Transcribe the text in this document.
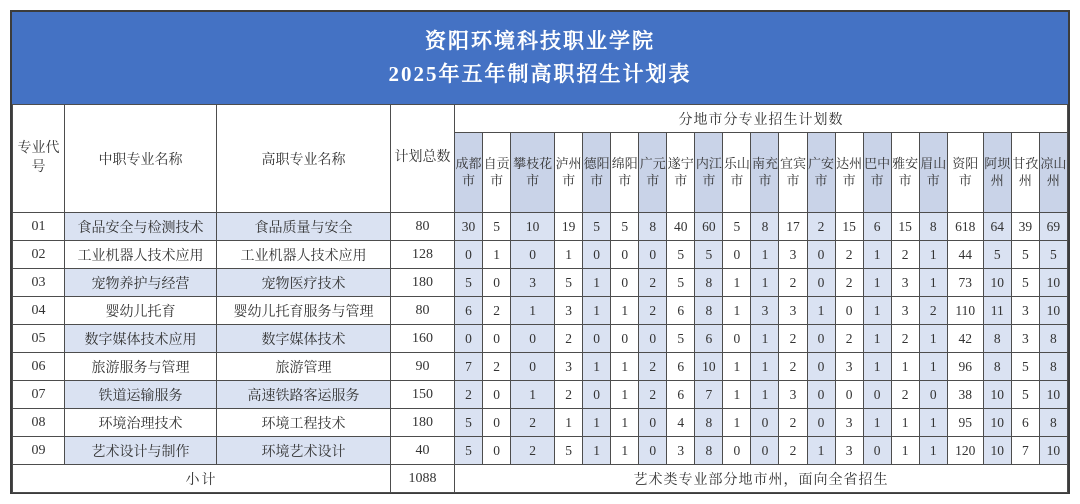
资阳环境科技职业学院
2025年五年制高职招生计划表
专业代号	中职专业名称	高职专业名称	计划总数	分地市分专业招生计划数																				
				成都市	自贡市	攀枝花市	泸州市	德阳市	绵阳市	广元市	遂宁市	内江市	乐山市	南充市	宜宾市	广安市	达州市	巴中市	雅安市	眉山市	资阳市	阿坝州	甘孜州	凉山州
01	食品安全与检测技术	食品质量与安全	80	30	5	10	19	5	5	8	40	60	5	8	17	2	15	6	15	8	618	64	39	69
02	工业机器人技术应用	工业机器人技术应用	128	0	1	0	1	0	0	0	5	5	0	1	3	0	2	1	2	1	44	5	5	5
03	宠物养护与经营	宠物医疗技术	180	5	0	3	5	1	0	2	5	8	1	1	2	0	2	1	3	1	73	10	5	10
04	婴幼儿托育	婴幼儿托育服务与管理	80	6	2	1	3	1	1	2	6	8	1	3	3	1	0	1	3	2	110	11	3	10
05	数字媒体技术应用	数字媒体技术	160	0	0	0	2	0	0	0	5	6	0	1	2	0	2	1	2	1	42	8	3	8
06	旅游服务与管理	旅游管理	90	7	2	0	3	1	1	2	6	10	1	1	2	0	3	1	1	1	96	8	5	8
07	铁道运输服务	高速铁路客运服务	150	2	0	1	2	0	1	2	6	7	1	1	3	0	0	0	2	0	38	10	5	10
08	环境治理技术	环境工程技术	180	5	0	2	1	1	1	0	4	8	1	0	2	0	3	1	1	1	95	10	6	8
09	艺术设计与制作	环境艺术设计	40	5	0	2	5	1	1	0	3	8	0	0	2	1	3	0	1	1	120	10	7	10
小计			1088	艺术类专业部分地市州，面向全省招生																				
